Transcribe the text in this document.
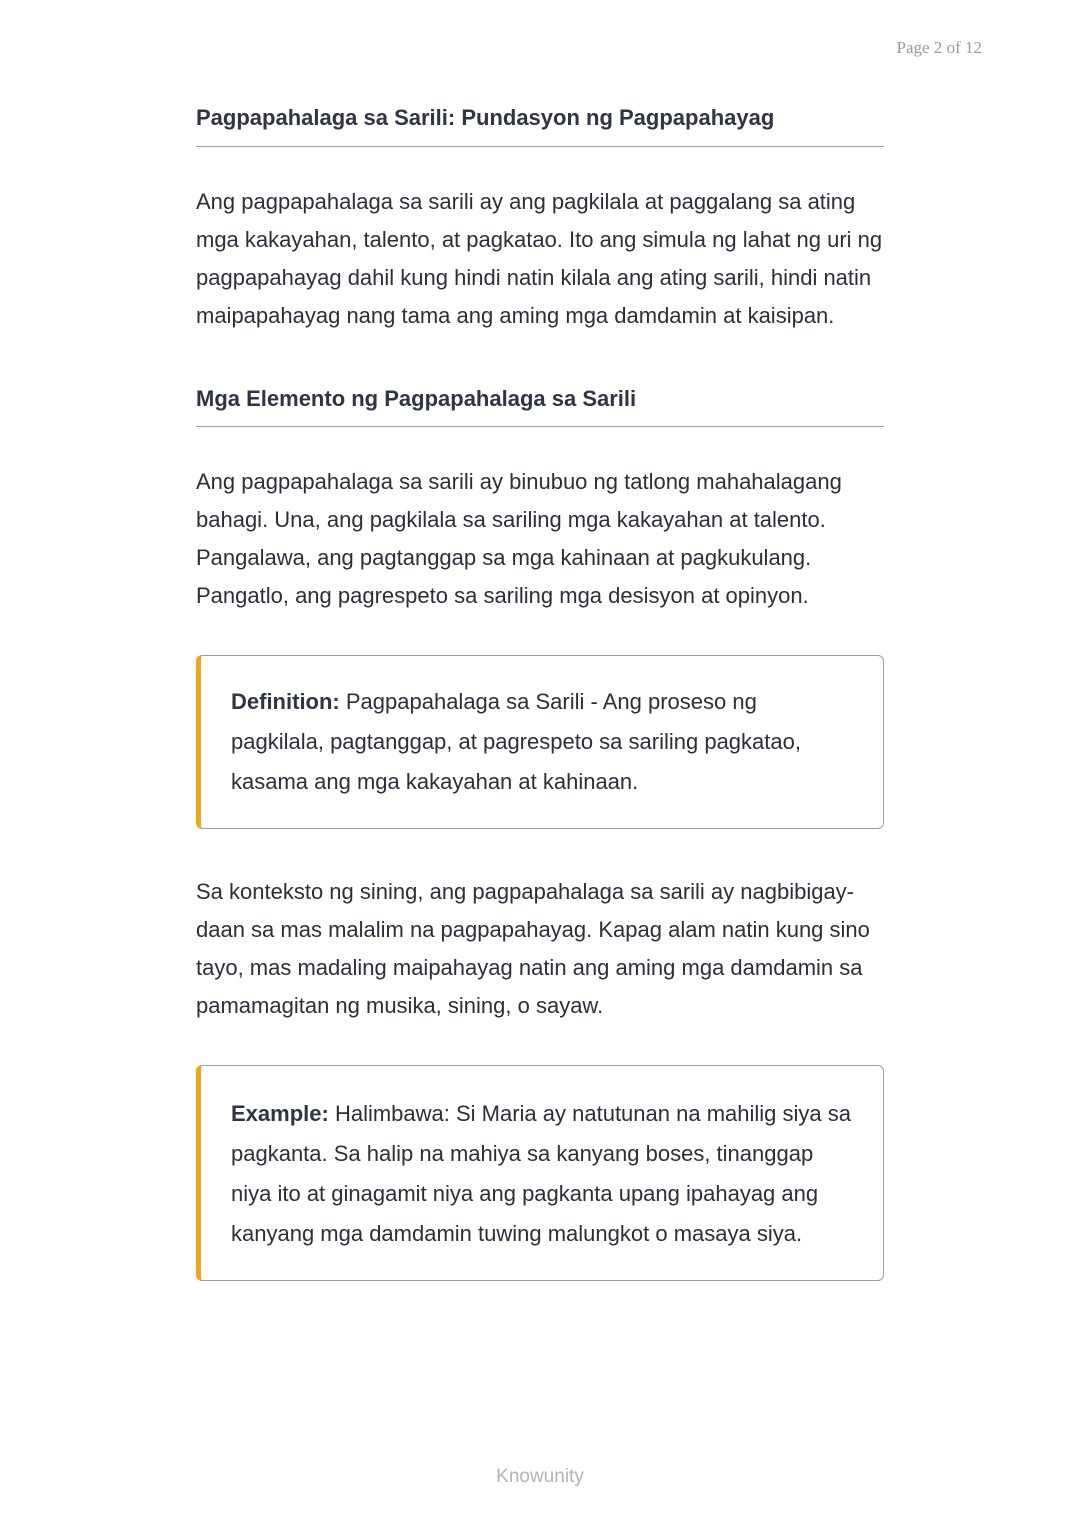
Page 2 of 12
Pagpapahalaga sa Sarili: Pundasyon ng Pagpapahayag

Ang pagpapahalaga sa sarili ay ang pagkilala at paggalang sa ating mga kakayahan, talento, at pagkatao. Ito ang simula ng lahat ng uri ng pagpapahayag dahil kung hindi natin kilala ang ating sarili, hindi natin maipapahayag nang tama ang aming mga damdamin at kaisipan.

Mga Elemento ng Pagpapahalaga sa Sarili

Ang pagpapahalaga sa sarili ay binubuo ng tatlong mahahalagang bahagi. Una, ang pagkilala sa sariling mga kakayahan at talento. Pangalawa, ang pagtanggap sa mga kahinaan at pagkukulang. Pangatlo, ang pagrespeto sa sariling mga desisyon at opinyon.

Definition: Pagpapahalaga sa Sarili - Ang proseso ng pagkilala, pagtanggap, at pagrespeto sa sariling pagkatao, kasama ang mga kakayahan at kahinaan.

Sa konteksto ng sining, ang pagpapahalaga sa sarili ay nagbibigay-daan sa mas malalim na pagpapahayag. Kapag alam natin kung sino tayo, mas madaling maipahayag natin ang aming mga damdamin sa pamamagitan ng musika, sining, o sayaw.

Example: Halimbawa: Si Maria ay natutunan na mahilig siya sa pagkanta. Sa halip na mahiya sa kanyang boses, tinanggap niya ito at ginagamit niya ang pagkanta upang ipahayag ang kanyang mga damdamin tuwing malungkot o masaya siya.
Knowunity
